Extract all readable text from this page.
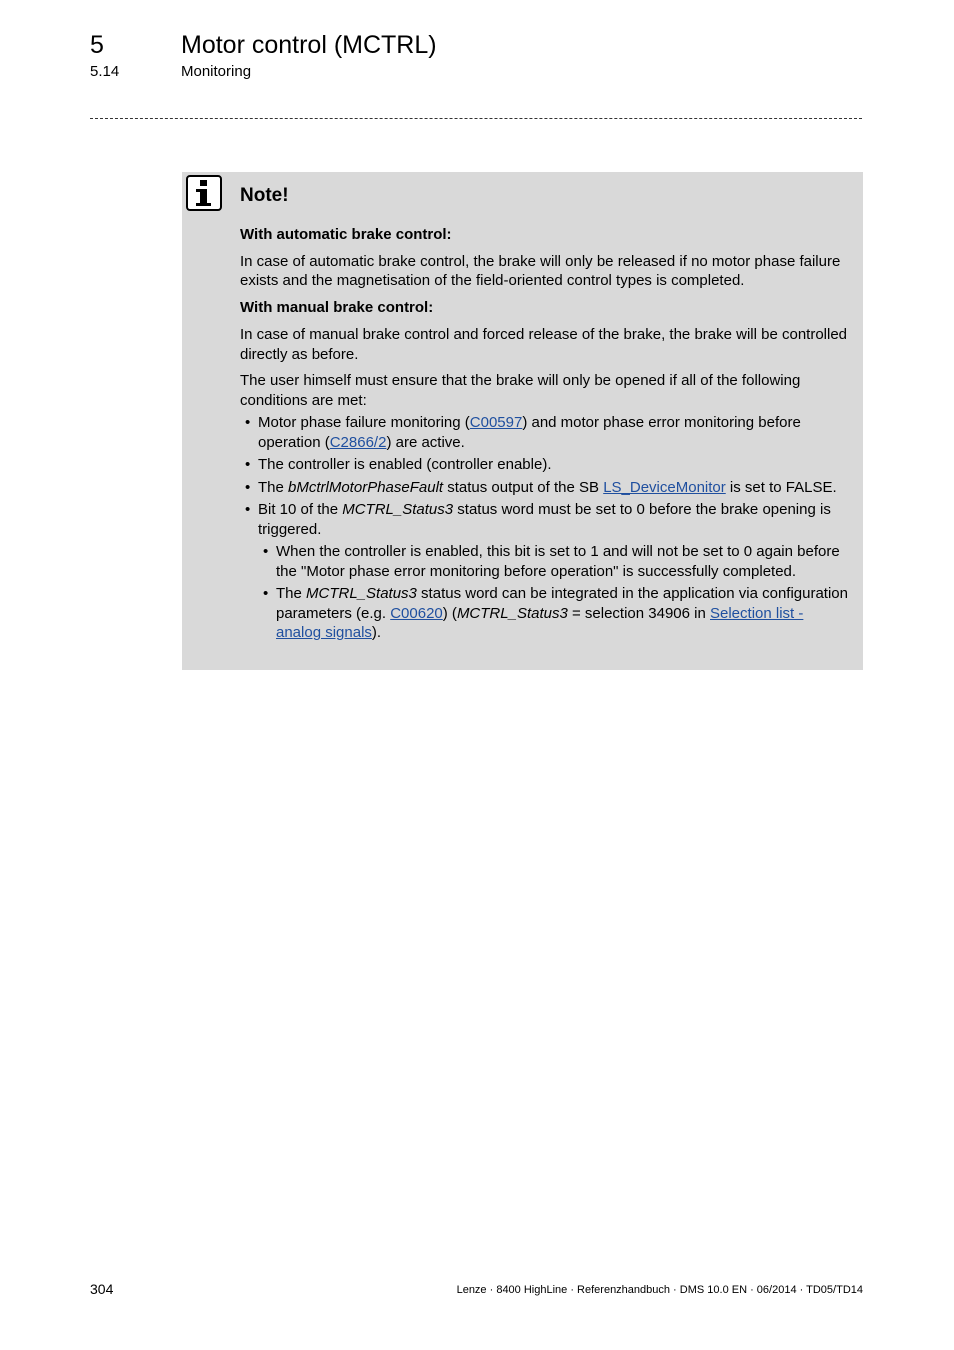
5	Motor control (MCTRL)
5.14	Monitoring
Note!

With automatic brake control:

In case of automatic brake control, the brake will only be released if no motor phase failure exists and the magnetisation of the field-oriented control types is completed.

With manual brake control:

In case of manual brake control and forced release of the brake, the brake will be controlled directly as before.

The user himself must ensure that the brake will only be opened if all of the following conditions are met:

• Motor phase failure monitoring (C00597) and motor phase error monitoring before operation (C2866/2) are active.
• The controller is enabled (controller enable).
• The bMctrlMotorPhaseFault status output of the SB LS_DeviceMonitor is set to FALSE.
• Bit 10 of the MCTRL_Status3 status word must be set to 0 before the brake opening is triggered.
• When the controller is enabled, this bit is set to 1 and will not be set to 0 again before the "Motor phase error monitoring before operation" is successfully completed.
• The MCTRL_Status3 status word can be integrated in the application via configuration parameters (e.g. C00620) (MCTRL_Status3 = selection 34906 in Selection list - analog signals).
304	Lenze · 8400 HighLine · Referenzhandbuch · DMS 10.0 EN · 06/2014 · TD05/TD14
